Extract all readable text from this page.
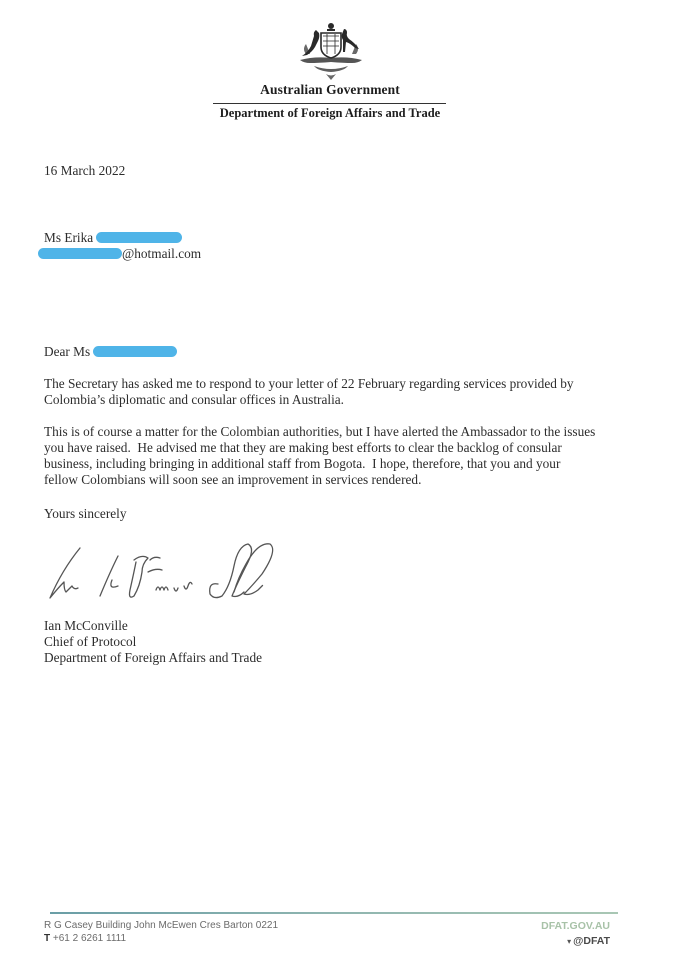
Australian Government
Department of Foreign Affairs and Trade
16 March 2022
Ms Erika
@hotmail.com
Dear Ms
The Secretary has asked me to respond to your letter of 22 February regarding services provided by
Colombia’s diplomatic and consular offices in Australia.
This is of course a matter for the Colombian authorities, but I have alerted the Ambassador to the issues
you have raised.  He advised me that they are making best efforts to clear the backlog of consular
business, including bringing in additional staff from Bogota.  I hope, therefore, that you and your
fellow Colombians will soon see an improvement in services rendered.
Yours sincerely
Ian McConville
Chief of Protocol
Department of Foreign Affairs and Trade
R G Casey Building John McEwen Cres Barton 0221
T +61 2 6261 1111
DFAT.GOV.AU
▾ @DFAT
